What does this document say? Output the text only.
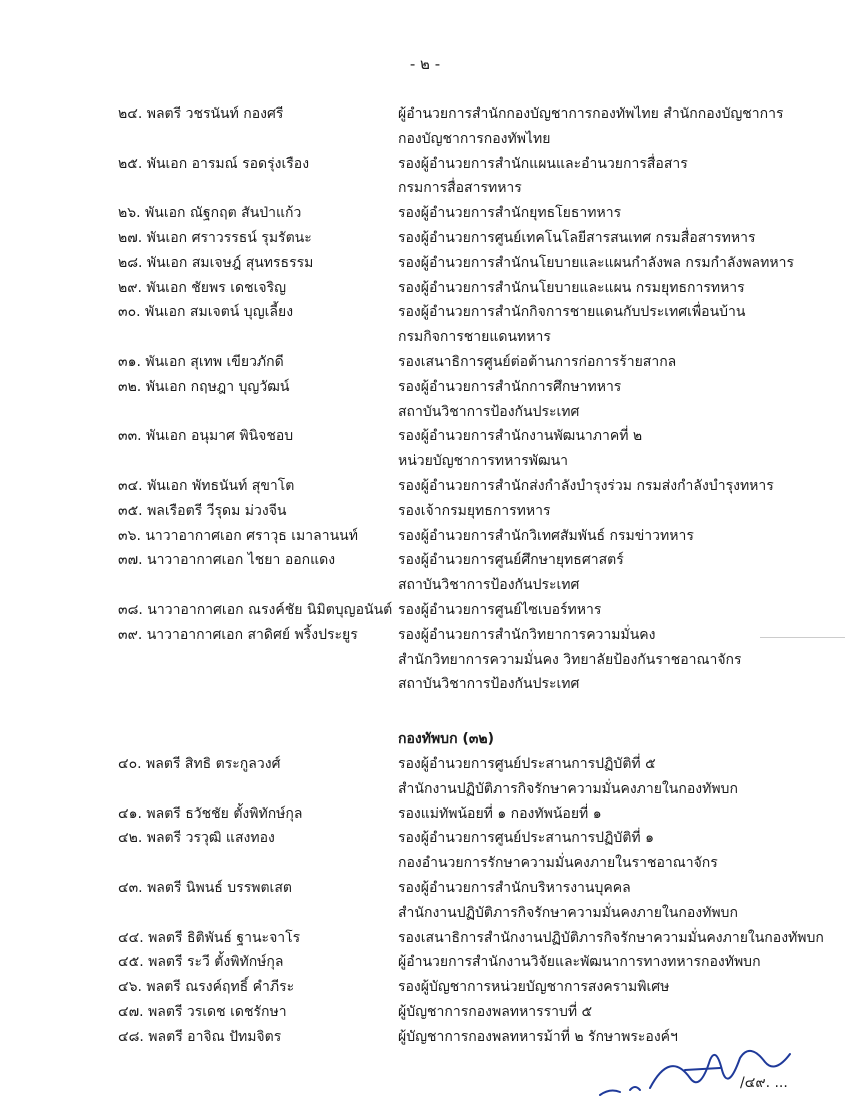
- ๒ -
๒๔. พลตรี วชรนันท์ กองศรี	ผู้อำนวยการสำนักกองบัญชาการกองทัพไทย สำนักกองบัญชาการ
กองบัญชาการกองทัพไทย
๒๕. พันเอก อารมณ์ รอดรุ่งเรือง	รองผู้อำนวยการสำนักแผนและอำนวยการสื่อสาร
กรมการสื่อสารทหาร
๒๖. พันเอก ณัฐกฤต สันป่าแก้ว	รองผู้อำนวยการสำนักยุทธโยธาทหาร
๒๗. พันเอก ศราวรรธน์ รุมรัตนะ	รองผู้อำนวยการศูนย์เทคโนโลยีสารสนเทศ กรมสื่อสารทหาร
๒๘. พันเอก สมเจษฎ์ สุนทรธรรม	รองผู้อำนวยการสำนักนโยบายและแผนกำลังพล กรมกำลังพลทหาร
๒๙. พันเอก ชัยพร เดชเจริญ	รองผู้อำนวยการสำนักนโยบายและแผน กรมยุทธการทหาร
๓๐. พันเอก สมเจตน์ บุญเลี้ยง	รองผู้อำนวยการสำนักกิจการชายแดนกับประเทศเพื่อนบ้าน
กรมกิจการชายแดนทหาร
๓๑. พันเอก สุเทพ เขียวภักดี	รองเสนาธิการศูนย์ต่อต้านการก่อการร้ายสากล
๓๒. พันเอก กฤษฎา บุญวัฒน์	รองผู้อำนวยการสำนักการศึกษาทหาร
สถาบันวิชาการป้องกันประเทศ
๓๓. พันเอก อนุมาศ พินิจชอบ	รองผู้อำนวยการสำนักงานพัฒนาภาคที่ ๒
หน่วยบัญชาการทหารพัฒนา
๓๔. พันเอก พัทธนันท์ สุขาโต	รองผู้อำนวยการสำนักส่งกำลังบำรุงร่วม กรมส่งกำลังบำรุงทหาร
๓๕. พลเรือตรี วีรุดม ม่วงจีน	รองเจ้ากรมยุทธการทหาร
๓๖. นาวาอากาศเอก ศราวุธ เมาลานนท์	รองผู้อำนวยการสำนักวิเทศสัมพันธ์ กรมข่าวทหาร
๓๗. นาวาอากาศเอก ไชยา ออกแดง	รองผู้อำนวยการศูนย์ศึกษายุทธศาสตร์
สถาบันวิชาการป้องกันประเทศ
๓๘. นาวาอากาศเอก ณรงค์ชัย นิมิตบุญอนันต์ รองผู้อำนวยการศูนย์ไซเบอร์ทหาร
๓๙. นาวาอากาศเอก สาดิศย์ พริ้งประยูร	รองผู้อำนวยการสำนักวิทยาการความมั่นคง
สำนักวิทยาการความมั่นคง วิทยาลัยป้องกันราชอาณาจักร
สถาบันวิชาการป้องกันประเทศ
กองทัพบก (๓๒)
๔๐. พลตรี สิทธิ ตระกูลวงศ์	รองผู้อำนวยการศูนย์ประสานการปฏิบัติที่ ๕
สำนักงานปฏิบัติภารกิจรักษาความมั่นคงภายในกองทัพบก
๔๑. พลตรี ธวัชชัย ตั้งพิทักษ์กุล	รองแม่ทัพน้อยที่ ๑ กองทัพน้อยที่ ๑
๔๒. พลตรี วรวุฒิ แสงทอง	รองผู้อำนวยการศูนย์ประสานการปฏิบัติที่ ๑
กองอำนวยการรักษาความมั่นคงภายในราชอาณาจักร
๔๓. พลตรี นิพนธ์ บรรพตเสต	รองผู้อำนวยการสำนักบริหารงานบุคคล
สำนักงานปฏิบัติภารกิจรักษาความมั่นคงภายในกองทัพบก
๔๔. พลตรี ธิติพันธ์ ฐานะจาโร	รองเสนาธิการสำนักงานปฏิบัติภารกิจรักษาความมั่นคงภายในกองทัพบก
๔๕. พลตรี ระวี ตั้งพิทักษ์กุล	ผู้อำนวยการสำนักงานวิจัยและพัฒนาการทางทหารกองทัพบก
๔๖. พลตรี ณรงค์ฤทธิ์ คำภีระ	รองผู้บัญชาการหน่วยบัญชาการสงครามพิเศษ
๔๗. พลตรี วรเดช เดชรักษา	ผู้บัญชาการกองพลทหารราบที่ ๕
๔๘. พลตรี อาจิณ ปัทมจิตร	ผู้บัญชาการกองพลทหารม้าที่ ๒ รักษาพระองค์ฯ
/๔๙. ...
